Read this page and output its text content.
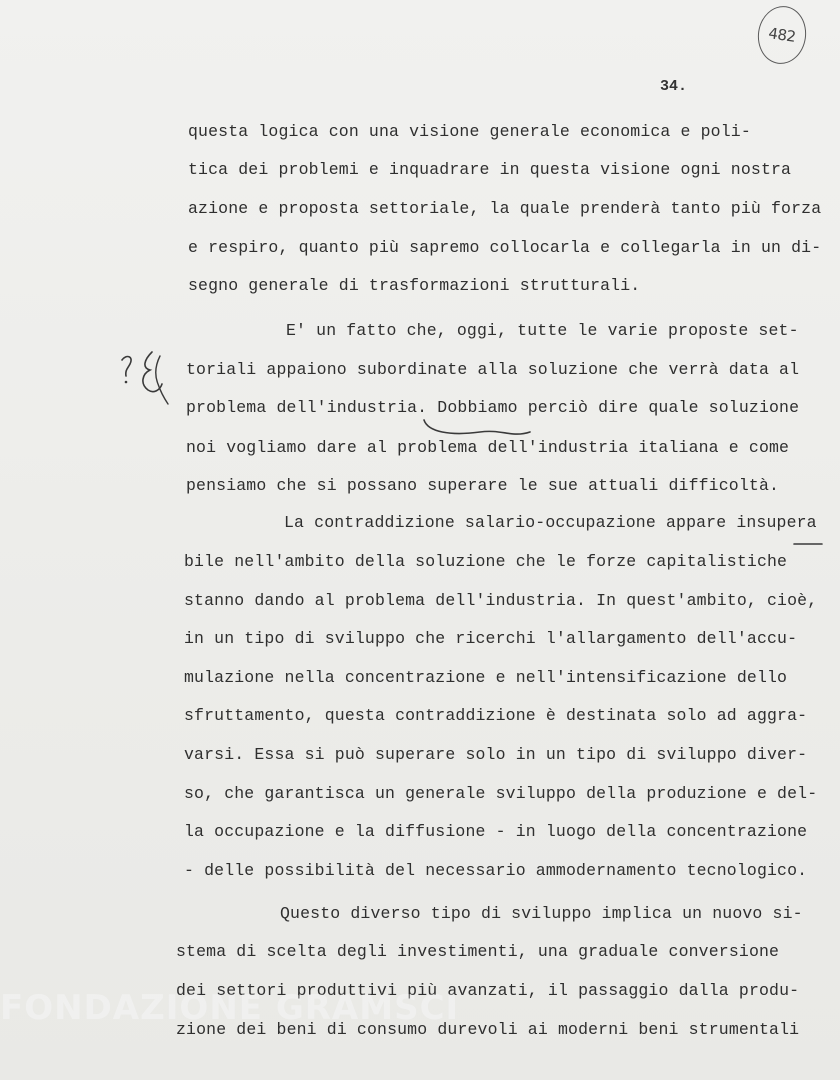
482
34.
questa logica con una visione generale economica e poli-
tica dei problemi e inquadrare in questa visione ogni nostra
azione e proposta settoriale, la quale prenderà tanto più forza
e respiro, quanto più sapremo collocarla e collegarla in un di-
segno generale di trasformazioni strutturali.
E' un fatto che, oggi, tutte le varie proposte set-
toriali appaiono subordinate alla soluzione che verrà data al
problema dell'industria. Dobbiamo perciò dire quale soluzione
noi vogliamo dare al problema dell'industria italiana e come
pensiamo che si possano superare le sue attuali difficoltà.
La contraddizione salario-occupazione appare insupera
bile nell'ambito della soluzione che le forze capitalistiche
stanno dando al problema dell'industria. In quest'ambito, cioè,
in un tipo di sviluppo che ricerchi l'allargamento dell'accu-
mulazione nella concentrazione e nell'intensificazione dello
sfruttamento, questa contraddizione è destinata solo ad aggra-
varsi. Essa si può superare solo in un tipo di sviluppo diver-
so, che garantisca un generale sviluppo della produzione e del-
la occupazione e la diffusione - in luogo della concentrazione
- delle possibilità del necessario ammodernamento tecnologico.
Questo diverso tipo di sviluppo implica un nuovo si-
stema di scelta degli investimenti, una graduale conversione
dei settori produttivi più avanzati, il passaggio dalla produ-
zione dei beni di consumo durevoli ai moderni beni strumentali
FONDAZIONE GRAMSCI
